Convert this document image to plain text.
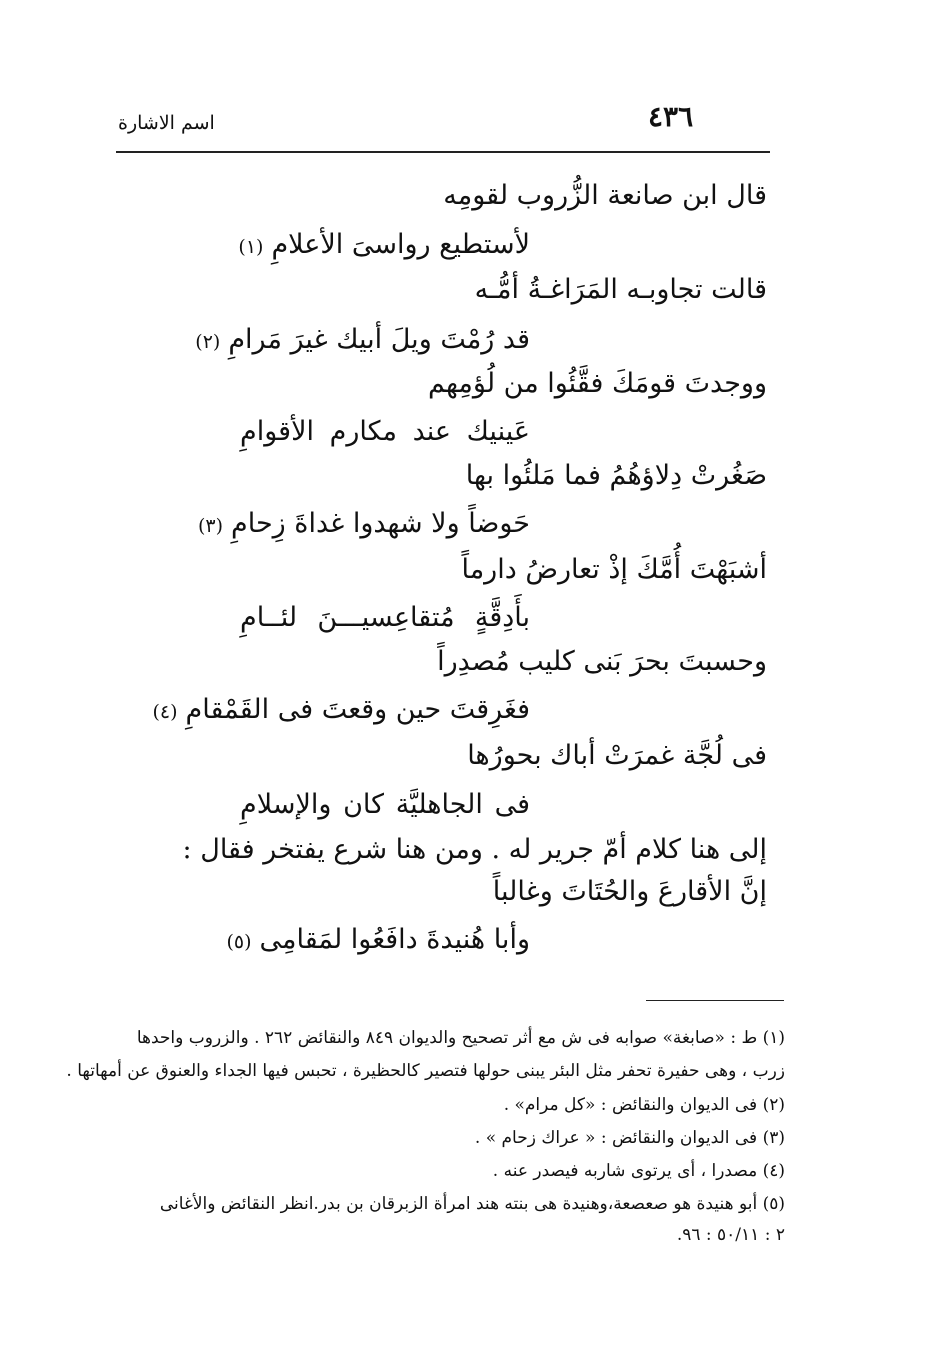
٤٣٦
اسم الاشارة
قال ابن صانعة الزُّروب لقومِه
لأستطيع رواسىَ الأعلامِ(١)
قالت تجاوبـه المَرَاغـةُ أمُّـه
قد رُمْتَ ويلَ أبيك غيرَ مَرامِ(٢)
ووجدتَ قومَكَ فقَّئُوا من لُؤمِهم
عَينيك عند مكارم الأقوامِ
صَغُرتْ دِلاؤهُمُ فما مَلئُوا بها
حَوضاً ولا شهدوا غداةَ زِحامِ(٣)
أشبَهْتَ أُمَّكَ إذْ تعارضُ دارماً
بأَدِقَّةٍ مُتقاعِسيـــنَ لئــامِ
وحسبتَ بحرَ بَنى كليب مُصدِراً
فغَرِقتَ حين وقعتَ فى القَمْقامِ(٤)
فى لُجَّة غمرَتْ أباك بحورُها
فى الجاهليَّة كان والإسلامِ
إلى هنا كلام أمّ جرير له . ومن هنا شرع يفتخر فقال :
إنَّ الأقارعَ والحُتَاتَ وغالباً
وأبا هُنيدةَ دافَعُوا لمَقامِى(٥)
(١) ط : «صابغة» صوابه فى ش مع أثر تصحيح والديوان ٨٤٩ والنقائض ٢٦٢ . والزروب واحدها
زرب ، وهى حفيرة تحفر مثل البئر يبنى حولها فتصير كالحظيرة ، تحبس فيها الجداء والعنوق عن أمهاتها .
(٢) فى الديوان والنقائض : «كل مرام» .
(٣) فى الديوان والنقائض : « عراك زحام » .
(٤) مصدرا ، أى يرتوى شاربه فيصدر عنه .
(٥) أبو هنيدة هو صعصعة،وهنيدة هى بنته هند امرأة الزبرقان بن بدر.انظر النقائض والأغانى
٢ : ٥٠/١١ : ٩٦.
